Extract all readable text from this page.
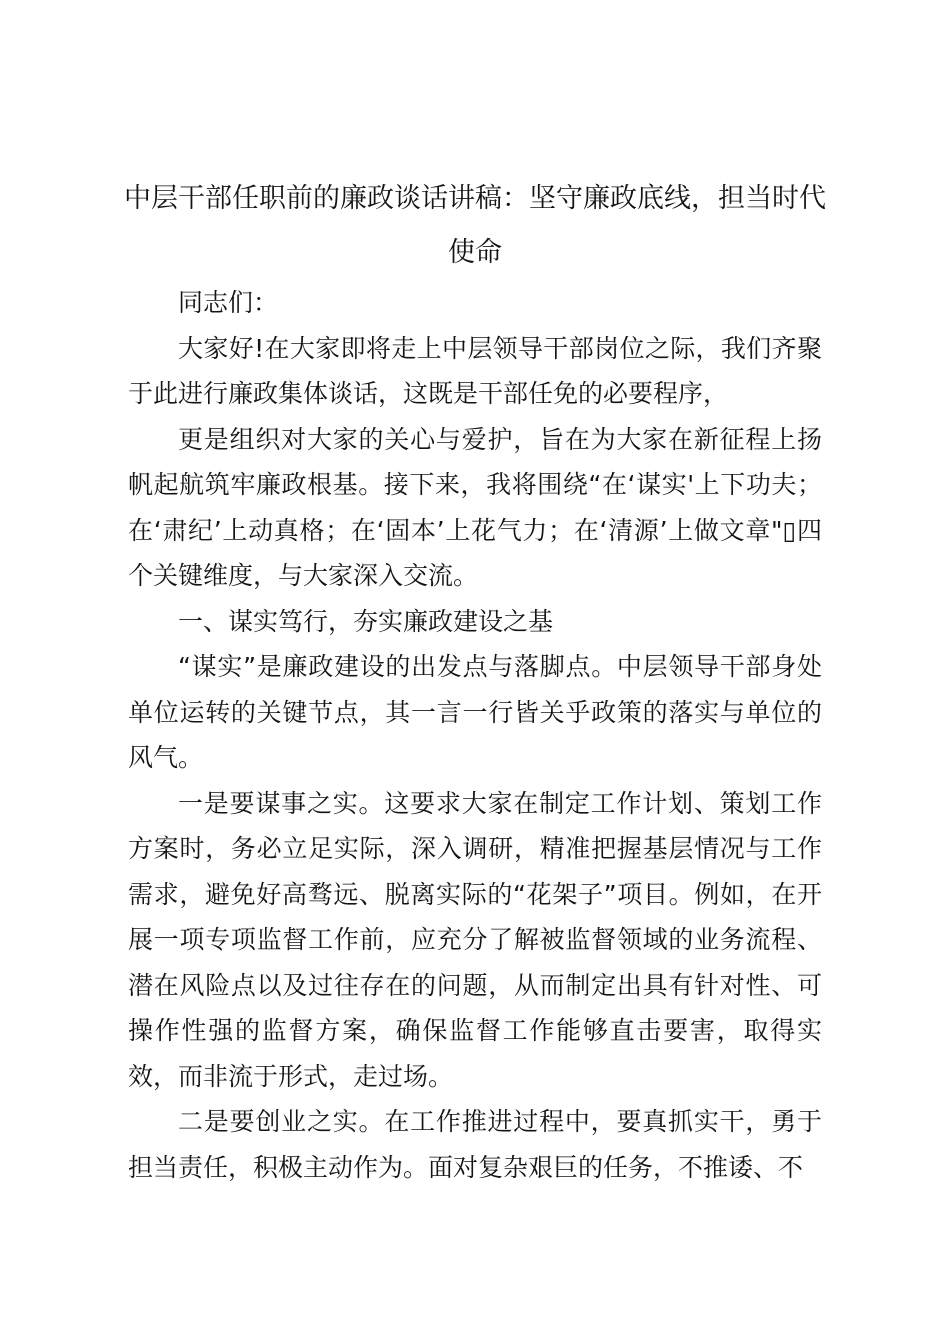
中层干部任职前的廉政谈话讲稿：坚守廉政底线，担当时代使命

同志们：

大家好!在大家即将走上中层领导干部岗位之际，我们齐聚于此进行廉政集体谈话，这既是干部任免的必要程序，

更是组织对大家的关心与爱护，旨在为大家在新征程上扬帆起航筑牢廉政根基。接下来，我将围绕“在‘谋实'上下功夫；在‘肃纪’上动真格；在‘固本’上花气力；在‘清源’上做文章"▯四个关键维度，与大家深入交流。

一、谋实笃行，夯实廉政建设之基

“谋实”是廉政建设的出发点与落脚点。中层领导干部身处单位运转的关键节点，其一言一行皆关乎政策的落实与单位的风气。

一是要谋事之实。这要求大家在制定工作计划、策划工作方案时，务必立足实际，深入调研，精准把握基层情况与工作需求，避免好高骛远、脱离实际的“花架子”项目。例如，在开展一项专项监督工作前，应充分了解被监督领域的业务流程、潜在风险点以及过往存在的问题，从而制定出具有针对性、可操作性强的监督方案，确保监督工作能够直击要害，取得实效，而非流于形式，走过场。

二是要创业之实。在工作推进过程中，要真抓实干，勇于担当责任，积极主动作为。面对复杂艰巨的任务，不推诿、不
